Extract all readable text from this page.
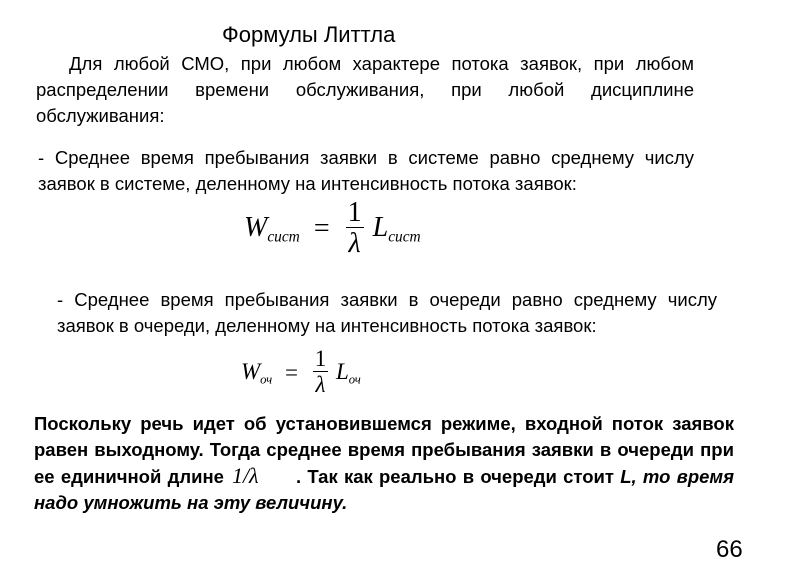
Формулы Литтла
Для любой СМО, при любом характере потока заявок, при любом распределении времени обслуживания, при любой дисциплине обслуживания:
- Среднее время пребывания заявки в системе равно среднему числу заявок в системе, деленному на интенсивность потока заявок:
$W_{сист} = \frac{1}{\lambda} L_{сист}$
- Среднее время пребывания заявки в очереди равно среднему числу заявок в очереди, деленному на интенсивность потока заявок:
$W_{оч} = \frac{1}{\lambda} L_{оч}$
Поскольку речь идет об установившемся режиме, входной поток заявок равен выходному. Тогда среднее время пребывания заявки в очереди при ее единичной длине 1/λ . Так как реально в очереди стоит L, то время надо умножить на эту величину.
66
